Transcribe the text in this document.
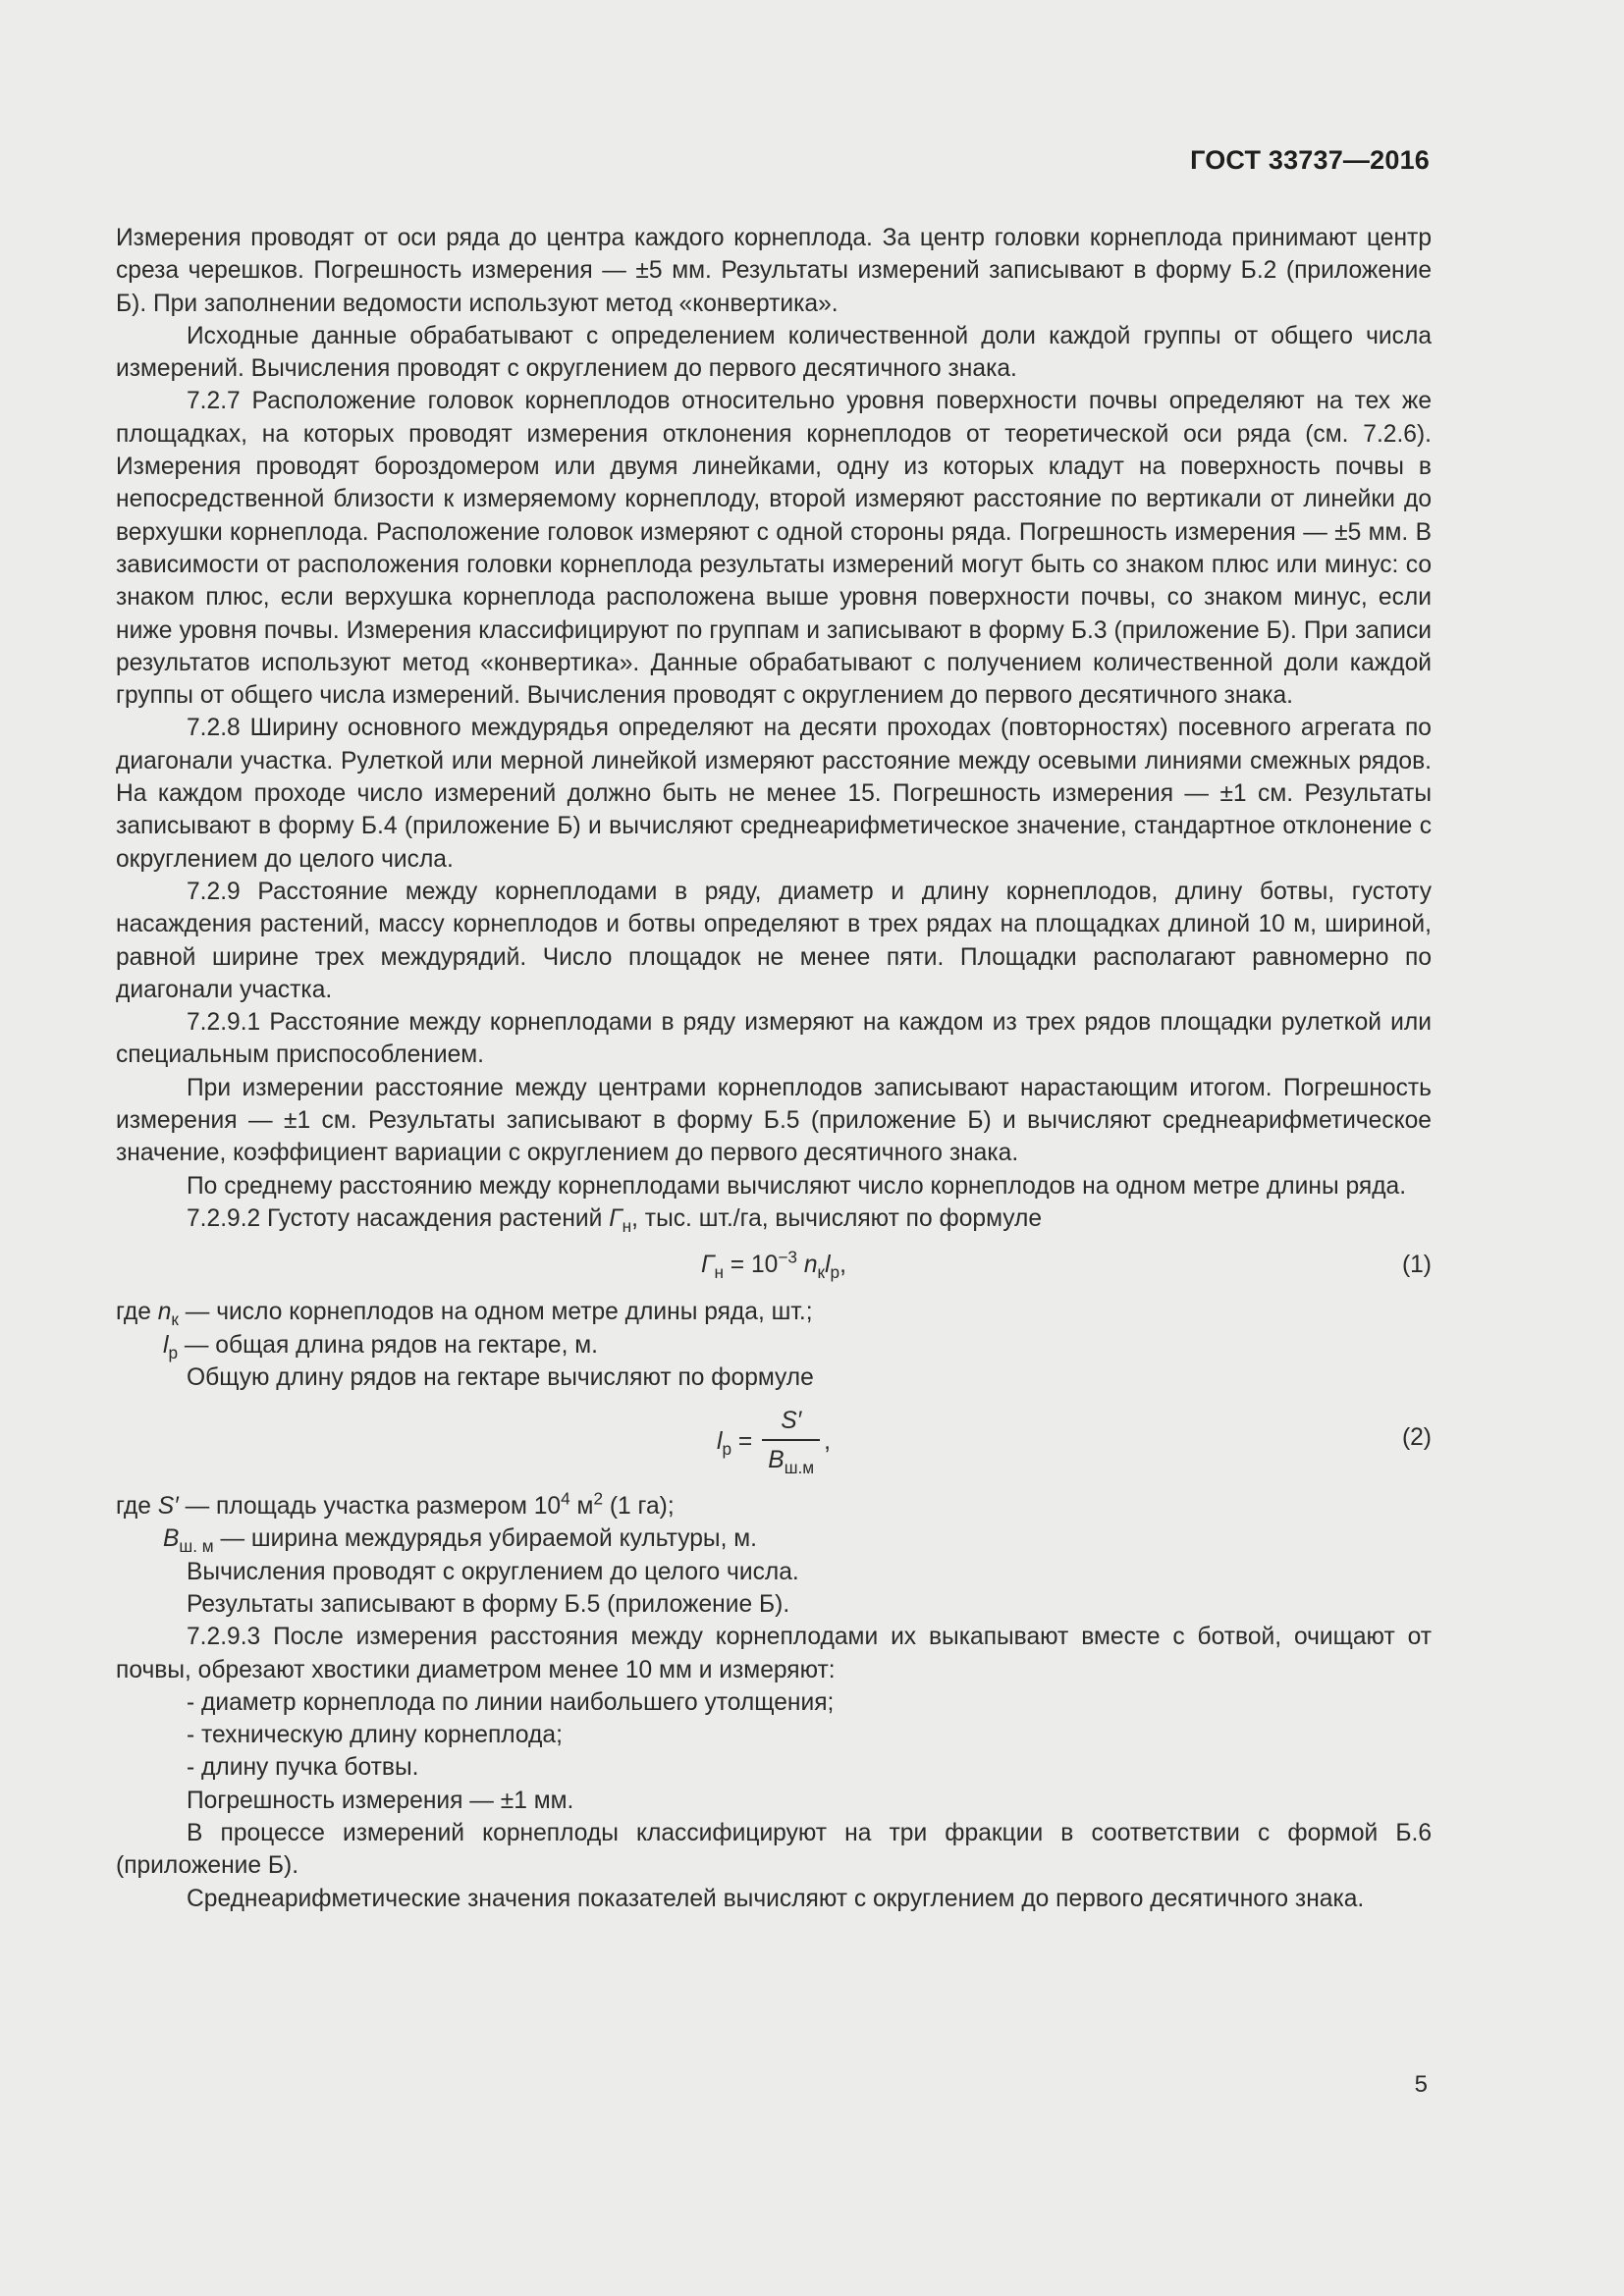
ГОСТ 33737—2016

Измерения проводят от оси ряда до центра каждого корнеплода. За центр головки корнеплода принимают центр среза черешков. Погрешность измерения — ±5 мм. Результаты измерений записывают в форму Б.2 (приложение Б). При заполнении ведомости используют метод «конвертика».

Исходные данные обрабатывают с определением количественной доли каждой группы от общего числа измерений. Вычисления проводят с округлением до первого десятичного знака.

7.2.7 Расположение головок корнеплодов относительно уровня поверхности почвы определяют на тех же площадках, на которых проводят измерения отклонения корнеплодов от теоретической оси ряда (см. 7.2.6). Измерения проводят бороздомером или двумя линейками, одну из которых кладут на поверхность почвы в непосредственной близости к измеряемому корнеплоду, второй измеряют расстояние по вертикали от линейки до верхушки корнеплода. Расположение головок измеряют с одной стороны ряда. Погрешность измерения — ±5 мм. В зависимости от расположения головки корнеплода результаты измерений могут быть со знаком плюс или минус: со знаком плюс, если верхушка корнеплода расположена выше уровня поверхности почвы, со знаком минус, если ниже уровня почвы. Измерения классифицируют по группам и записывают в форму Б.3 (приложение Б). При записи результатов используют метод «конвертика». Данные обрабатывают с получением количественной доли каждой группы от общего числа измерений. Вычисления проводят с округлением до первого десятичного знака.

7.2.8 Ширину основного междурядья определяют на десяти проходах (повторностях) посевного агрегата по диагонали участка. Рулеткой или мерной линейкой измеряют расстояние между осевыми линиями смежных рядов. На каждом проходе число измерений должно быть не менее 15. Погрешность измерения — ±1 см. Результаты записывают в форму Б.4 (приложение Б) и вычисляют среднеарифметическое значение, стандартное отклонение с округлением до целого числа.

7.2.9 Расстояние между корнеплодами в ряду, диаметр и длину корнеплодов, длину ботвы, густоту насаждения растений, массу корнеплодов и ботвы определяют в трех рядах на площадках длиной 10 м, шириной, равной ширине трех междурядий. Число площадок не менее пяти. Площадки располагают равномерно по диагонали участка.

7.2.9.1 Расстояние между корнеплодами в ряду измеряют на каждом из трех рядов площадки рулеткой или специальным приспособлением.

При измерении расстояние между центрами корнеплодов записывают нарастающим итогом. Погрешность измерения — ±1 см. Результаты записывают в форму Б.5 (приложение Б) и вычисляют среднеарифметическое значение, коэффициент вариации с округлением до первого десятичного знака.

По среднему расстоянию между корнеплодами вычисляют число корнеплодов на одном метре длины ряда.

7.2.9.2 Густоту насаждения растений $Г_н$, тыс. шт./га, вычисляют по формуле

$Г_н = 10^{-3}$ $n_кl_р$,	(1)

где $n_к$ — число корнеплодов на одном метре длины ряда, шт.;

$l_р$ — общая длина рядов на гектаре, м.

Общую длину рядов на гектаре вычисляют по формуле

$l_р = \frac{S'}{B_{ш.м}}$ ,	(2)

где S′ — площадь участка размером $10^4$ $м^2$ (1 га);

$B_{ш. м}$ — ширина междурядья убираемой культуры, м.

Вычисления проводят с округлением до целого числа.

Результаты записывают в форму Б.5 (приложение Б).

7.2.9.3 После измерения расстояния между корнеплодами их выкапывают вместе с ботвой, очищают от почвы, обрезают хвостики диаметром менее 10 мм и измеряют:

- диаметр корнеплода по линии наибольшего утолщения;

- техническую длину корнеплода;

- длину пучка ботвы.

Погрешность измерения — ±1 мм.

В процессе измерений корнеплоды классифицируют на три фракции в соответствии с формой Б.6 (приложение Б).

Среднеарифметические значения показателей вычисляют с округлением до первого десятичного знака.

5
